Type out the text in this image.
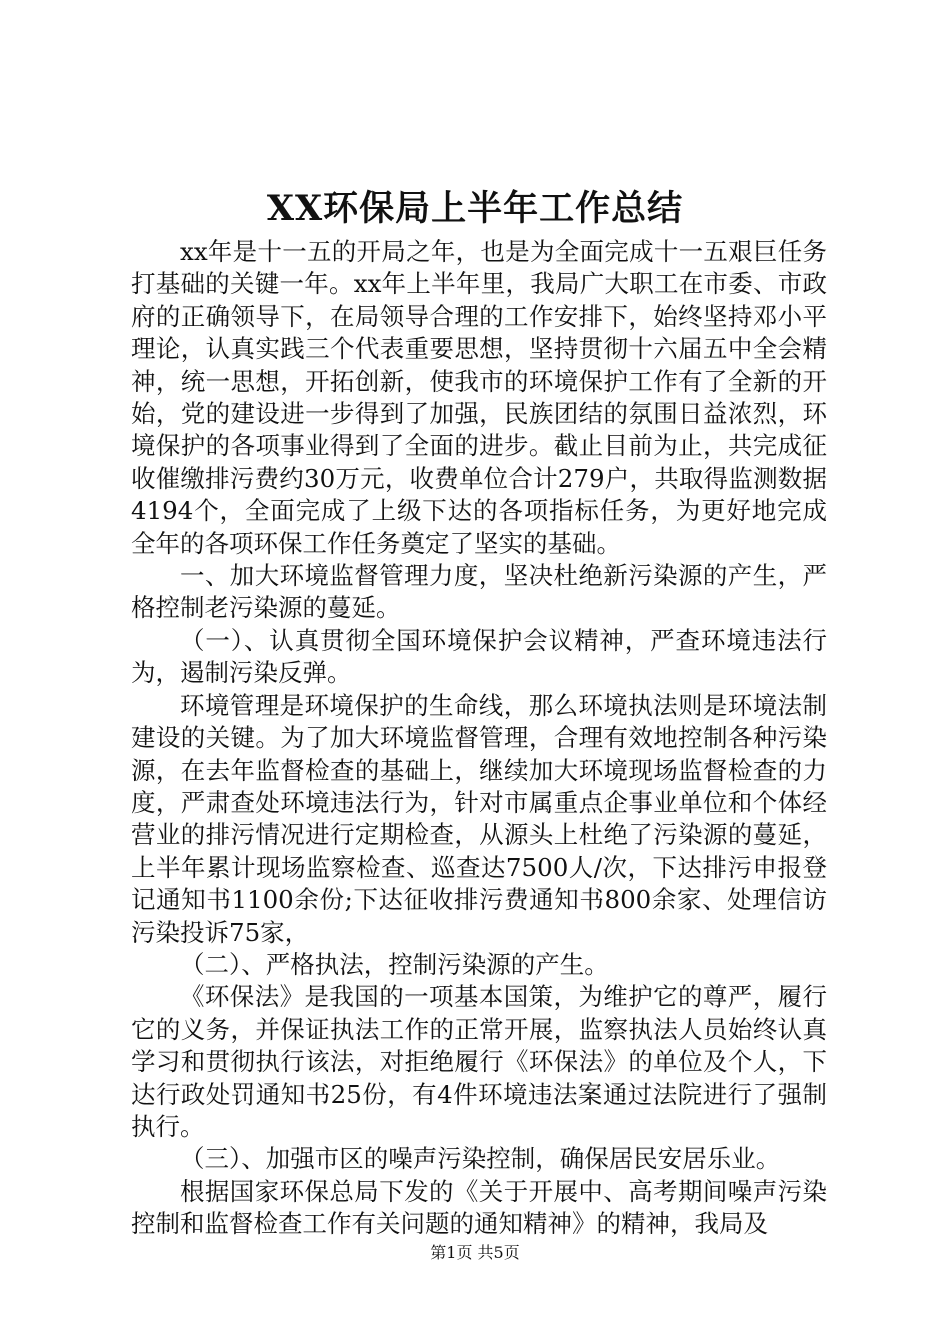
XX环保局上半年工作总结

xx年是十一五的开局之年，也是为全面完成十一五艰巨任务打基础的关键一年。xx年上半年里，我局广大职工在市委、市政府的正确领导下，在局领导合理的工作安排下，始终坚持邓小平理论，认真实践三个代表重要思想，坚持贯彻十六届五中全会精神，统一思想，开拓创新，使我市的环境保护工作有了全新的开始，党的建设进一步得到了加强，民族团结的氛围日益浓烈，环境保护的各项事业得到了全面的进步。截止目前为止，共完成征收催缴排污费约30万元，收费单位合计279户，共取得监测数据4194个，全面完成了上级下达的各项指标任务，为更好地完成全年的各项环保工作任务奠定了坚实的基础。

一、加大环境监督管理力度，坚决杜绝新污染源的产生，严格控制老污染源的蔓延。

（一）、认真贯彻全国环境保护会议精神，严查环境违法行为，遏制污染反弹。

环境管理是环境保护的生命线，那么环境执法则是环境法制建设的关键。为了加大环境监督管理，合理有效地控制各种污染源，在去年监督检查的基础上，继续加大环境现场监督检查的力度，严肃查处环境违法行为，针对市属重点企事业单位和个体经营业的排污情况进行定期检查，从源头上杜绝了污染源的蔓延，上半年累计现场监察检查、巡查达7500人/次，下达排污申报登记通知书1100余份;下达征收排污费通知书800余家、处理信访污染投诉75家，

（二）、严格执法，控制污染源的产生。

《环保法》是我国的一项基本国策，为维护它的尊严，履行它的义务，并保证执法工作的正常开展，监察执法人员始终认真学习和贯彻执行该法，对拒绝履行《环保法》的单位及个人，下达行政处罚通知书25份，有4件环境违法案通过法院进行了强制执行。

（三）、加强市区的噪声污染控制，确保居民安居乐业。

根据国家环保总局下发的《关于开展中、高考期间噪声污染控制和监督检查工作有关问题的通知精神》的精神，我局及

第1页 共5页
